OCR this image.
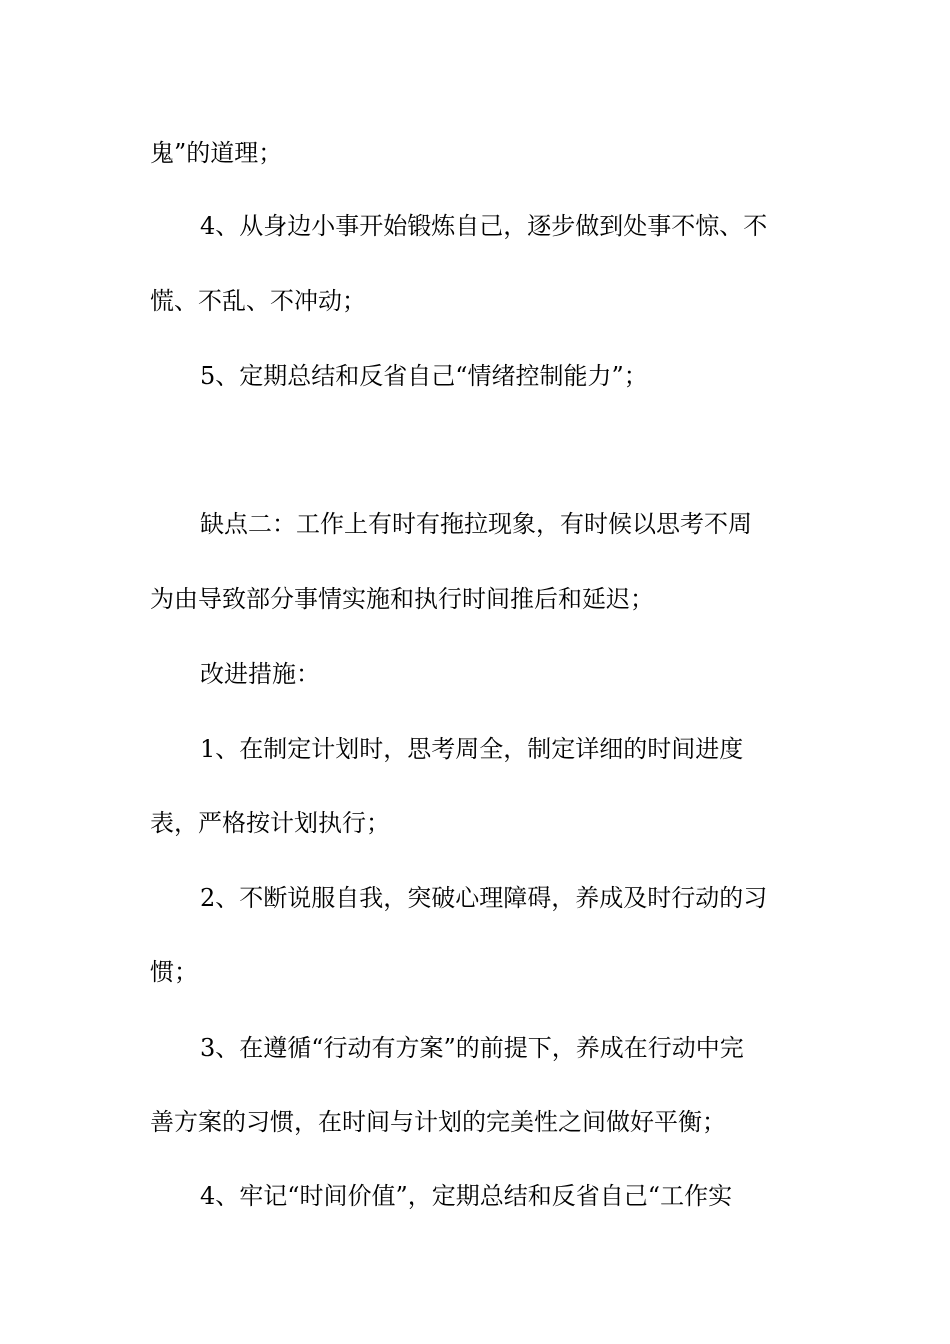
鬼”的道理；

4、从身边小事开始锻炼自己，逐步做到处事不惊、不

慌、不乱、不冲动；

5、定期总结和反省自己“情绪控制能力”；

缺点二：工作上有时有拖拉现象，有时候以思考不周

为由导致部分事情实施和执行时间推后和延迟；

改进措施：

1、在制定计划时，思考周全，制定详细的时间进度

表，严格按计划执行；

2、不断说服自我，突破心理障碍，养成及时行动的习

惯；

3、在遵循“行动有方案”的前提下，养成在行动中完

善方案的习惯，在时间与计划的完美性之间做好平衡；

4、牢记“时间价值”，定期总结和反省自己“工作实
